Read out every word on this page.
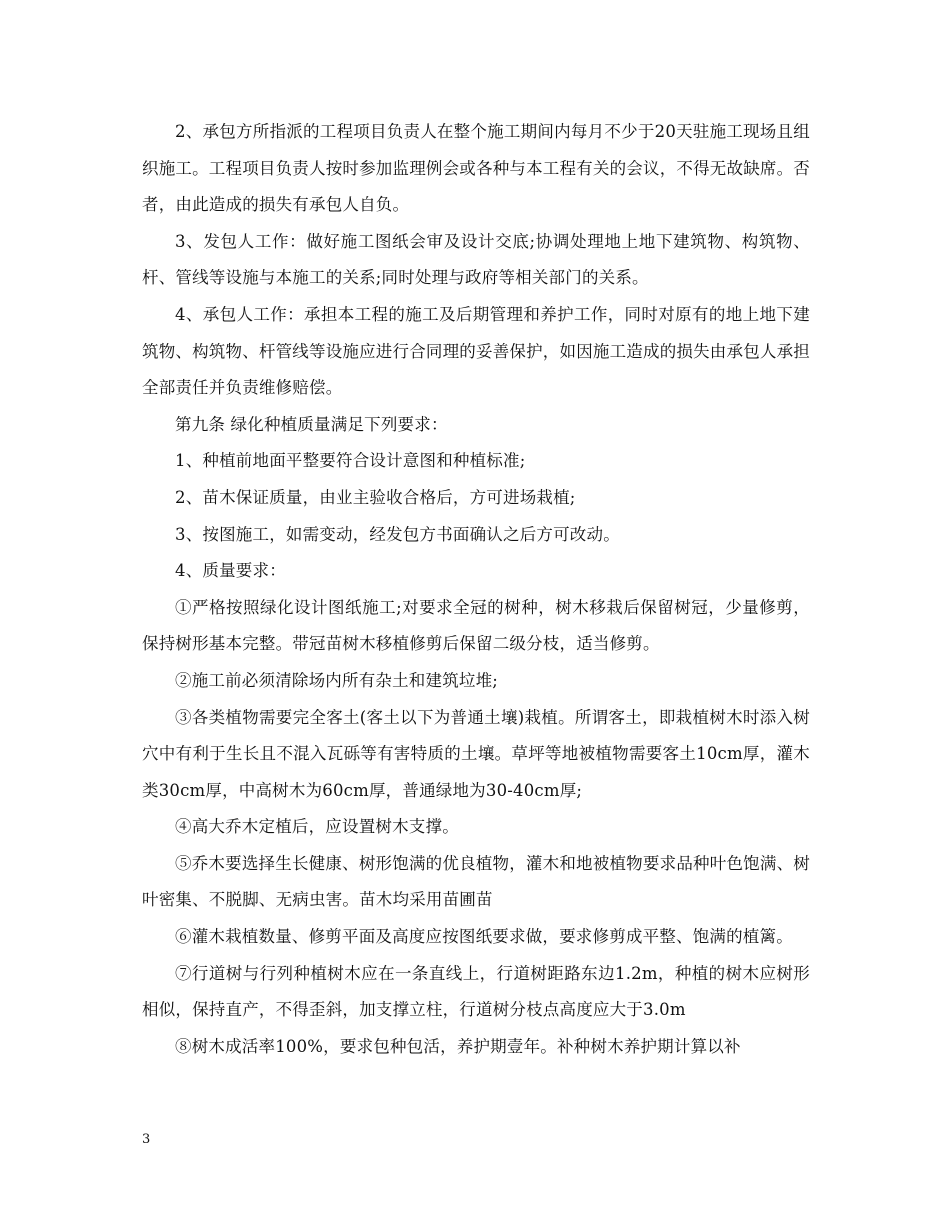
2、承包方所指派的工程项目负责人在整个施工期间内每月不少于20天驻施工现场且组织施工。工程项目负责人按时参加监理例会或各种与本工程有关的会议，不得无故缺席。否者，由此造成的损失有承包人自负。

3、发包人工作：做好施工图纸会审及设计交底;协调处理地上地下建筑物、构筑物、杆、管线等设施与本施工的关系;同时处理与政府等相关部门的关系。

4、承包人工作：承担本工程的施工及后期管理和养护工作，同时对原有的地上地下建筑物、构筑物、杆管线等设施应进行合同理的妥善保护，如因施工造成的损失由承包人承担全部责任并负责维修赔偿。

第九条 绿化种植质量满足下列要求：

1、种植前地面平整要符合设计意图和种植标准;

2、苗木保证质量，由业主验收合格后，方可进场栽植;

3、按图施工，如需变动，经发包方书面确认之后方可改动。

4、质量要求：

①严格按照绿化设计图纸施工;对要求全冠的树种，树木移栽后保留树冠，少量修剪，保持树形基本完整。带冠苗树木移植修剪后保留二级分枝，适当修剪。

②施工前必须清除场内所有杂土和建筑垃堆;

③各类植物需要完全客土(客土以下为普通土壤)栽植。所谓客土，即栽植树木时添入树穴中有利于生长且不混入瓦砾等有害特质的土壤。草坪等地被植物需要客土10cm厚，灌木类30cm厚，中高树木为60cm厚，普通绿地为30-40cm厚;

④高大乔木定植后，应设置树木支撑。

⑤乔木要选择生长健康、树形饱满的优良植物，灌木和地被植物要求品种叶色饱满、树叶密集、不脱脚、无病虫害。苗木均采用苗圃苗

⑥灌木栽植数量、修剪平面及高度应按图纸要求做，要求修剪成平整、饱满的植篱。

⑦行道树与行列种植树木应在一条直线上，行道树距路东边1.2m，种植的树木应树形相似，保持直产，不得歪斜，加支撑立柱，行道树分枝点高度应大于3.0m

⑧树木成活率100%，要求包种包活，养护期壹年。补种树木养护期计算以补

3
